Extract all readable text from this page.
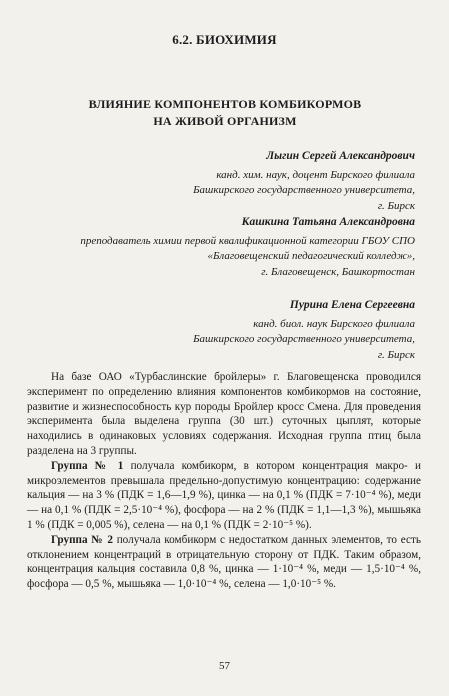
6.2. БИОХИМИЯ
ВЛИЯНИЕ КОМПОНЕНТОВ КОМБИКОРМОВ
НА ЖИВОЙ ОРГАНИЗМ
Лыгин Сергей Александрович
канд. хим. наук, доцент Бирского филиала
Башкирского государственного университета,
г. Бирск
Кашкина Татьяна Александровна
преподаватель химии первой квалификационной категории ГБОУ СПО
«Благовещенский педагогический колледж»,
г. Благовещенск, Башкортостан
Пурина Елена Сергеевна
канд. биол. наук Бирского филиала
Башкирского государственного университета,
г. Бирск

На базе ОАО «Турбаслинские бройлеры» г. Благовещенска проводился эксперимент по определению влияния компонентов комбикормов на состояние, развитие и жизнеспособность кур породы Бройлер кросс Смена. Для проведения эксперимента была выделена группа (30 шт.) суточных цыплят, которые находились в одинаковых условиях содержания. Исходная группа птиц была разделена на 3 группы.

Группа № 1 получала комбикорм, в котором концентрация макро- и микроэлементов превышала предельно-допустимую концентрацию: содержание кальция — на 3 % (ПДК = 1,6—1,9 %), цинка — на 0,1 % (ПДК = 7·10⁻⁴ %), меди — на 0,1 % (ПДК = 2,5·10⁻⁴ %), фосфора — на 2 % (ПДК = 1,1—1,3 %), мышьяка 1 % (ПДК = 0,005 %), селена — на 0,1 % (ПДК = 2·10⁻⁵ %).

Группа № 2 получала комбикорм с недостатком данных элементов, то есть отклонением концентраций в отрицательную сторону от ПДК. Таким образом, концентрация кальция составила 0,8 %, цинка — 1·10⁻⁴ %, меди — 1,5·10⁻⁴ %, фосфора — 0,5 %, мышьяка — 1,0·10⁻⁴ %, селена — 1,0·10⁻⁵ %.

57
